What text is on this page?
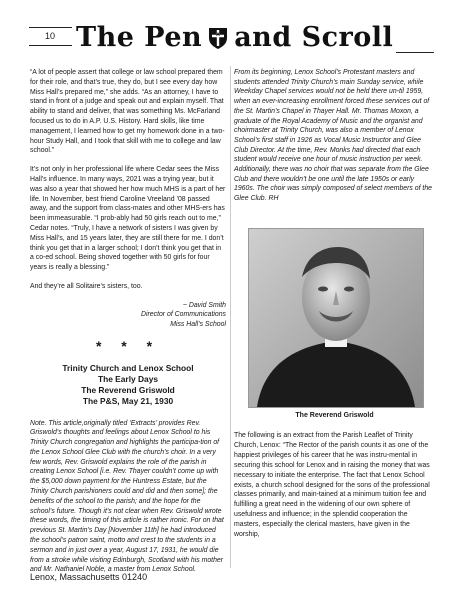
10 The Pen and Scroll

“A lot of people assert that college or law school prepared them for their role, and that’s true, they do, but I see every day how Miss Hall’s prepared me,” she adds. “As an attorney, I have to stand in front of a judge and speak out and explain myself. That ability to stand and deliver, that was something Ms. McFarland focused us to do in A.P. U.S. History. Hard skills, like time management, I learned how to get my homework done in a two-hour Study Hall, and I took that skill with me to college and law school.”

It’s not only in her professional life where Cedar sees the Miss Hall’s influence. In many ways, 2021 was a trying year, but it was also a year that showed her how much MHS is a part of her life. In November, best friend Caroline Vreeland ’08 passed away, and the support from class-mates and other MHS-ers has been immeasurable. “I prob-ably had 50 girls reach out to me,” Cedar notes. “Truly, I have a network of sisters I was given by Miss Hall’s, and 15 years later, they are still there for me. I don’t think you get that in a larger school; I don’t think you get that in a co-ed school. Being shoved together with 50 girls for four years is really a blessing.”

And they’re all Solitaire’s sisters, too.

~ David Smith
Director of Communications
Miss Hall’s School
* * *
Trinity Church and Lenox School
The Early Days
The Reverend Griswold
The P&S, May 21, 1930

Note. This article,originally titled ‘Extracts’ provides Rev. Griswold’s thoughts and feelings about Lenox School to his Trinity Church congregation and highlights the participa-tion of the Lenox School Glee Club with the church’s choir. In a very few words, Rev. Griswold explains the role of the parish in creating Lenox School [i.e. Rev. Thayer couldn’t come up with the $5,000 down payment for the Huntress Estate, but the Trinity Church parishioners could and did and then some]; the benefits of the school to the parish; and the hope for the school’s future. Though it’s not clear when Rev. Griswold wrote these words, the timing of this article is rather ironic. For on that previous St. Martin’s Day [November 11th] he had introduced the school’s patron saint, motto and crest to the students in a sermon and in just over a year, August 17, 1931, he would die from a stroke while visiting Edinburgh, Scotland with his mother and Mr. Nathaniel Noble, a master from Lenox School.

From its beginning, Lenox School’s Protestant masters and students attended Trinity Church’s main Sunday service, while Weekday Chapel services would not be held there un-til 1959, when an ever-increasing enrollment forced these services out of the St. Martin’s Chapel in Thayer Hall. Mr. Thomas Moxon, a graduate of the Royal Academy of Music and the organist and choirmaster at Trinity Church, was also a member of Lenox School’s first staff in 1926 as Vocal Music Instructor and Glee Club Director. At the time, Rev. Monks had directed that each student would receive one hour of music instruction per week. Additionally, there was no choir that was separate from the Glee Club and there wouldn’t be one until the late 1950s or early 1960s. The choir was simply composed of select members of the Glee Club. RH

The Reverend Griswold

The following is an extract from the Parish Leaflet of Trinity Church, Lenox: “The Rector of the parish counts it as one of the happiest privileges of his career that he was instru-mental in securing this school for Lenox and in raising the money that was necessary to initiate the enterprise. The fact that Lenox School exists, a church school designed for the sons of the professional classes primarily, and main-tained at a minimum tuition fee and fulfilling a great need in the widening of our own sphere of usefulness and influence; in the splendid cooperation the masters, especially the clerical masters, have given in the worship,

Lenox, Massachusetts 01240
